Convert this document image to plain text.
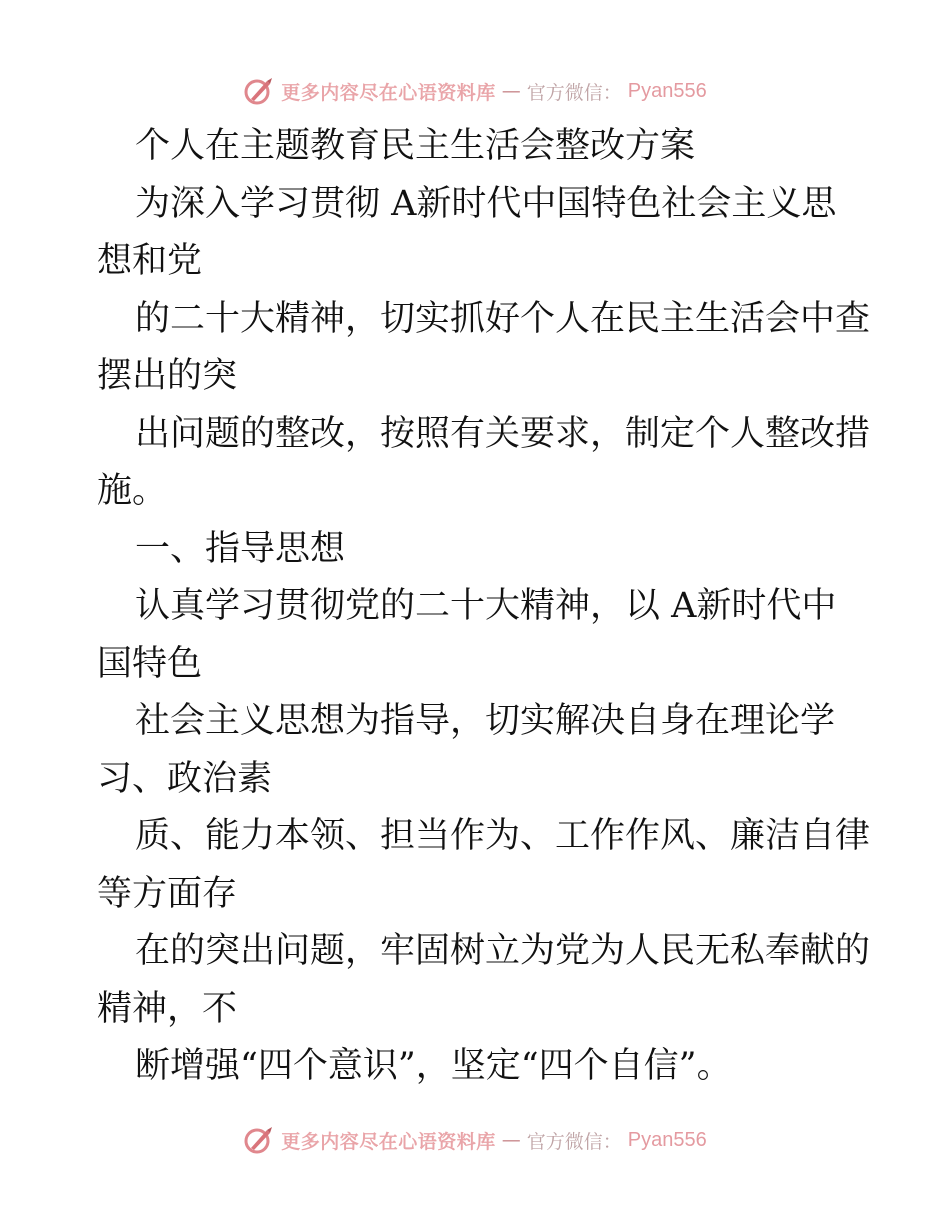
更多内容尽在心语资料库 — 官方微信： Pyan556
个人在主题教育民主生活会整改方案
为深入学习贯彻 A新时代中国特色社会主义思
想和党
的二十大精神，切实抓好个人在民主生活会中查
摆出的突
出问题的整改，按照有关要求，制定个人整改措
施。
一、指导思想
认真学习贯彻党的二十大精神，以 A新时代中
国特色
社会主义思想为指导，切实解决自身在理论学
习、政治素
质、能力本领、担当作为、工作作风、廉洁自律
等方面存
在的突出问题，牢固树立为党为人民无私奉献的
精神，不
断增强“四个意识”，坚定“四个自信”。
更多内容尽在心语资料库 — 官方微信： Pyan556
